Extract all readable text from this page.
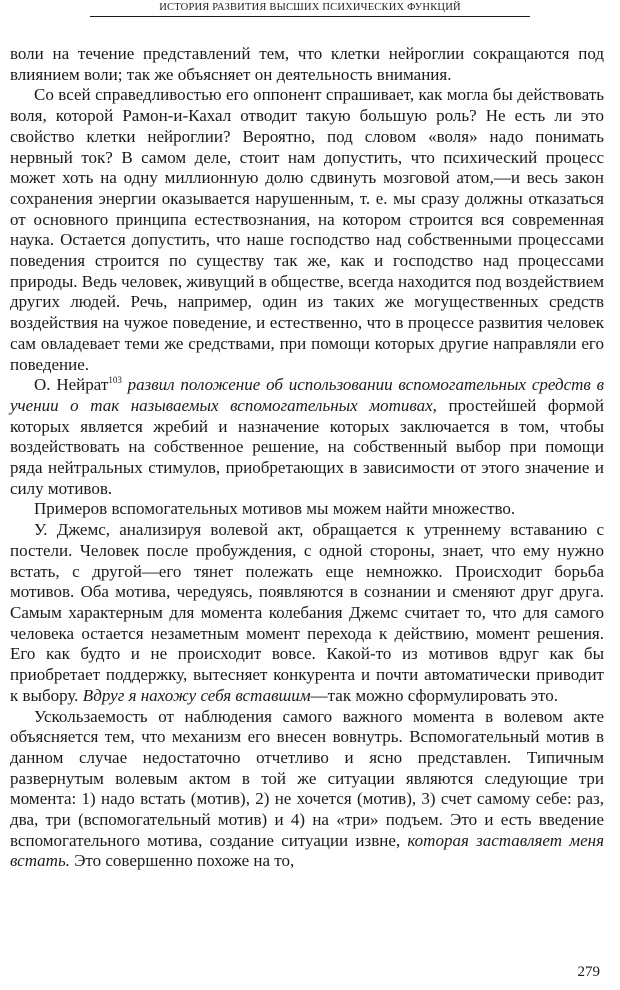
ИСТОРИЯ РАЗВИТИЯ ВЫСШИХ ПСИХИЧЕСКИХ ФУНКЦИЙ

воли на течение представлений тем, что клетки нейроглии сокращаются под влиянием воли; так же объясняет он деятельность внимания.

Со всей справедливостью его оппонент спрашивает, как могла бы действовать воля, которой Рамон-и-Кахал отводит такую большую роль? Не есть ли это свойство клетки нейроглии? Вероятно, под словом «воля» надо понимать нервный ток? В самом деле, стоит нам допустить, что психический процесс может хоть на одну миллионную долю сдвинуть мозговой атом,—и весь закон сохранения энергии оказывается нарушенным, т. е. мы сразу должны отказаться от основного принципа естествознания, на котором строится вся современная наука. Остается допустить, что наше господство над собственными процессами поведения строится по существу так же, как и господство над процессами природы. Ведь человек, живущий в обществе, всегда находится под воздействием других людей. Речь, например, один из таких же могущественных средств воздействия на чужое поведение, и естественно, что в процессе развития человек сам овладевает теми же средствами, при помощи которых другие направляли его поведение.

О. Нейрат$^{103}$ развил положение об использовании вспомогательных средств в учении о так называемых вспомогательных мотивах, простейшей формой которых является жребий и назначение которых заключается в том, чтобы воздействовать на собственное решение, на собственный выбор при помощи ряда нейтральных стимулов, приобретающих в зависимости от этого значение и силу мотивов.

Примеров вспомогательных мотивов мы можем найти множество.

У. Джемс, анализируя волевой акт, обращается к утреннему вставанию с постели. Человек после пробуждения, с одной стороны, знает, что ему нужно встать, с другой—его тянет полежать еще немножко. Происходит борьба мотивов. Оба мотива, чередуясь, появляются в сознании и сменяют друг друга. Самым характерным для момента колебания Джемс считает то, что для самого человека остается незаметным момент перехода к действию, момент решения. Его как будто и не происходит вовсе. Какой-то из мотивов вдруг как бы приобретает поддержку, вытесняет конкурента и почти автоматически приводит к выбору. Вдруг я нахожу себя вставшим—так можно сформулировать это.

Ускользаемость от наблюдения самого важного момента в волевом акте объясняется тем, что механизм его внесен вовнутрь. Вспомогательный мотив в данном случае недостаточно отчетливо и ясно представлен. Типичным развернутым волевым актом в той же ситуации являются следующие три момента: 1) надо встать (мотив), 2) не хочется (мотив), 3) счет самому себе: раз, два, три (вспомогательный мотив) и 4) на «три» подъем. Это и есть введение вспомогательного мотива, создание ситуации извне, которая заставляет меня встать. Это совершенно похоже на то,

279
